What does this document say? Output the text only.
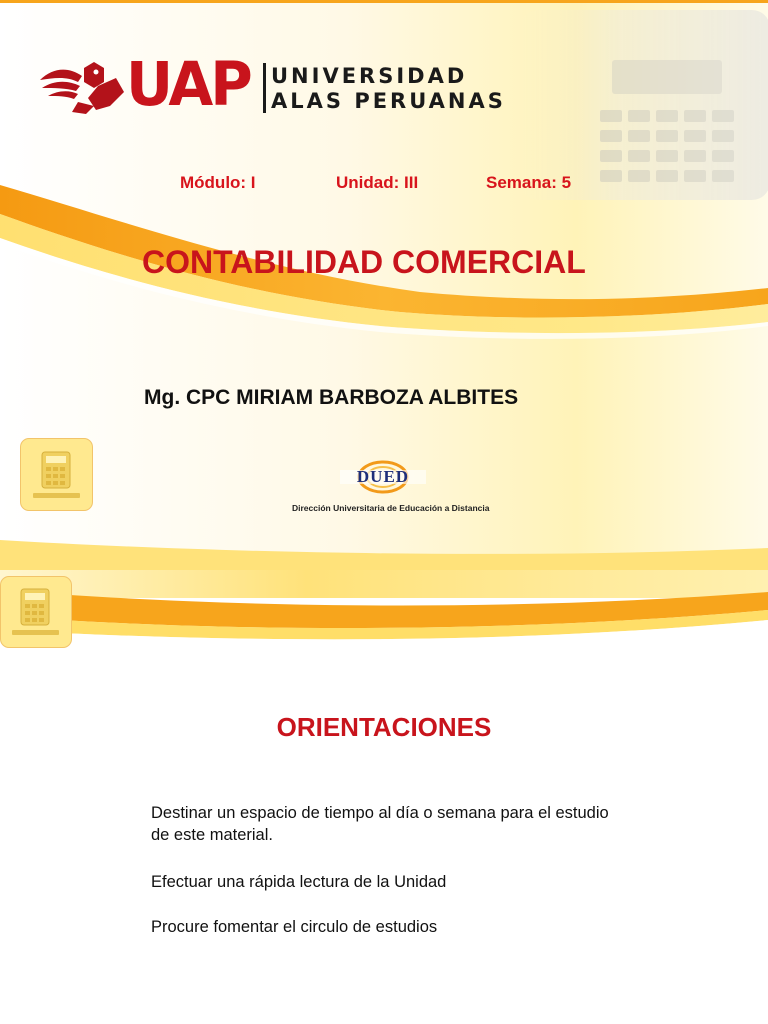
UAP UNIVERSIDAD
ALAS PERUANAS
Módulo: I	Unidad: III	Semana: 5
CONTABILIDAD COMERCIAL
Mg. CPC MIRIAM BARBOZA ALBITES
DUED
Dirección Universitaria de Educación a Distancia
ORIENTACIONES
Destinar un espacio de tiempo al día o semana para el estudio de este material.
Efectuar una rápida lectura de la Unidad
Procure fomentar el circulo de estudios
